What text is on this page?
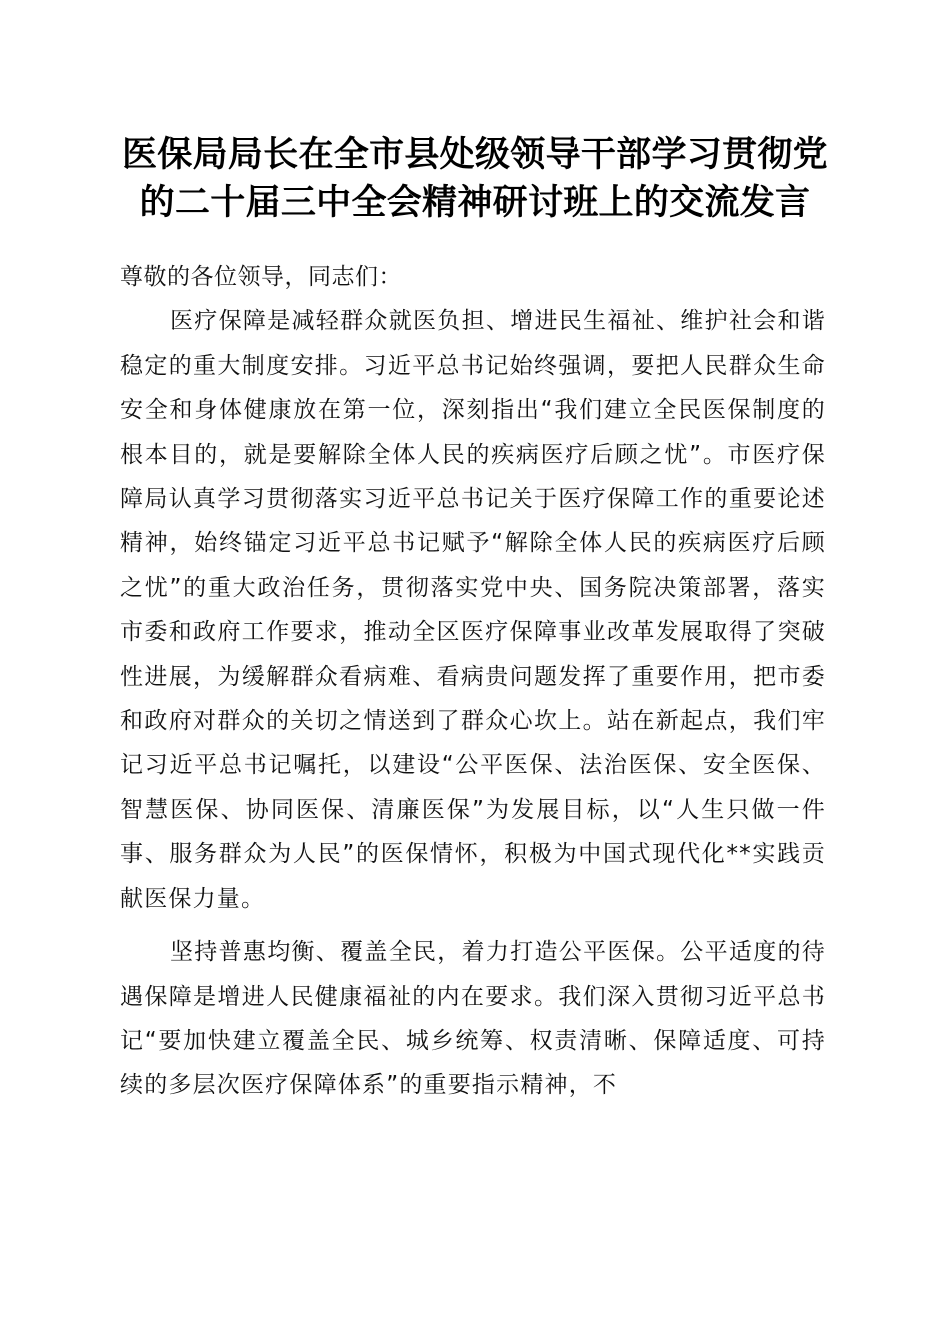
医保局局长在全市县处级领导干部学习贯彻党
的二十届三中全会精神研讨班上的交流发言

尊敬的各位领导，同志们：

医疗保障是减轻群众就医负担、增进民生福祉、维护社会和谐稳定的重大制度安排。习近平总书记始终强调，要把人民群众生命安全和身体健康放在第一位，深刻指出“我们建立全民医保制度的根本目的，就是要解除全体人民的疾病医疗后顾之忧”。市医疗保障局认真学习贯彻落实习近平总书记关于医疗保障工作的重要论述精神，始终锚定习近平总书记赋予“解除全体人民的疾病医疗后顾之忧”的重大政治任务，贯彻落实党中央、国务院决策部署，落实市委和政府工作要求，推动全区医疗保障事业改革发展取得了突破性进展，为缓解群众看病难、看病贵问题发挥了重要作用，把市委和政府对群众的关切之情送到了群众心坎上。站在新起点，我们牢记习近平总书记嘱托，以建设“公平医保、法治医保、安全医保、智慧医保、协同医保、清廉医保”为发展目标，以“人生只做一件事、服务群众为人民”的医保情怀，积极为中国式现代化**实践贡献医保力量。

坚持普惠均衡、覆盖全民，着力打造公平医保。公平适度的待遇保障是增进人民健康福祉的内在要求。我们深入贯彻习近平总书记“要加快建立覆盖全民、城乡统筹、权责清晰、保障适度、可持续的多层次医疗保障体系”的重要指示精神，不
